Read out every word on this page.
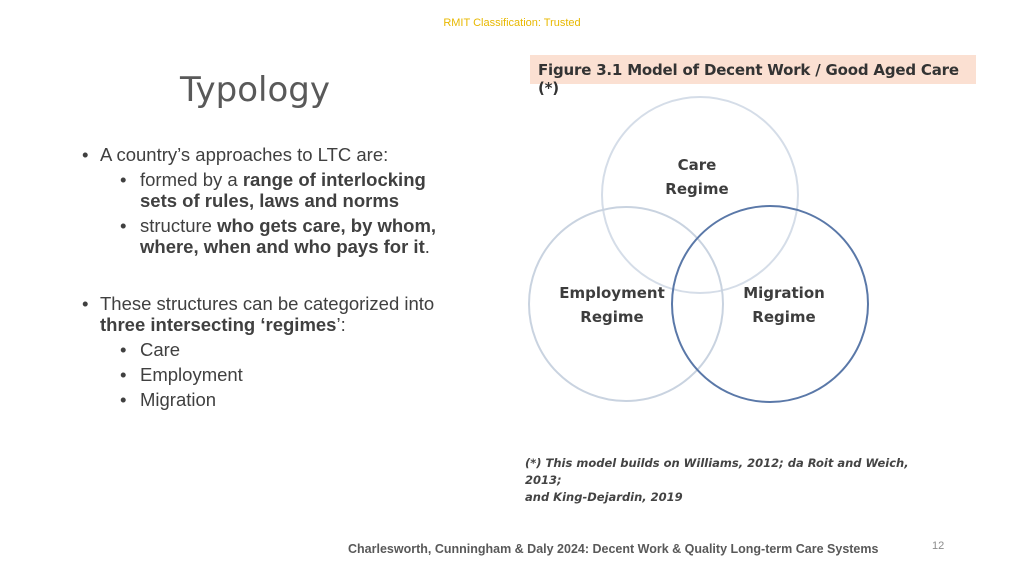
RMIT Classification: Trusted
Typology
• A country’s approaches to LTC are:
• formed by a range of interlocking sets of rules, laws and norms
• structure who gets care, by whom, where, when and who pays for it.
• These structures can be categorized into three intersecting ‘regimes’:
• Care
• Employment
• Migration
Figure 3.1 Model of Decent Work / Good Aged Care (*)
Care
Regime
Employment
Regime
Migration
Regime
(*) This model builds on Williams, 2012; da Roit and Weich, 2013;
and King-Dejardin, 2019
Charlesworth, Cunningham & Daly 2024: Decent Work & Quality Long-term Care Systems	12
